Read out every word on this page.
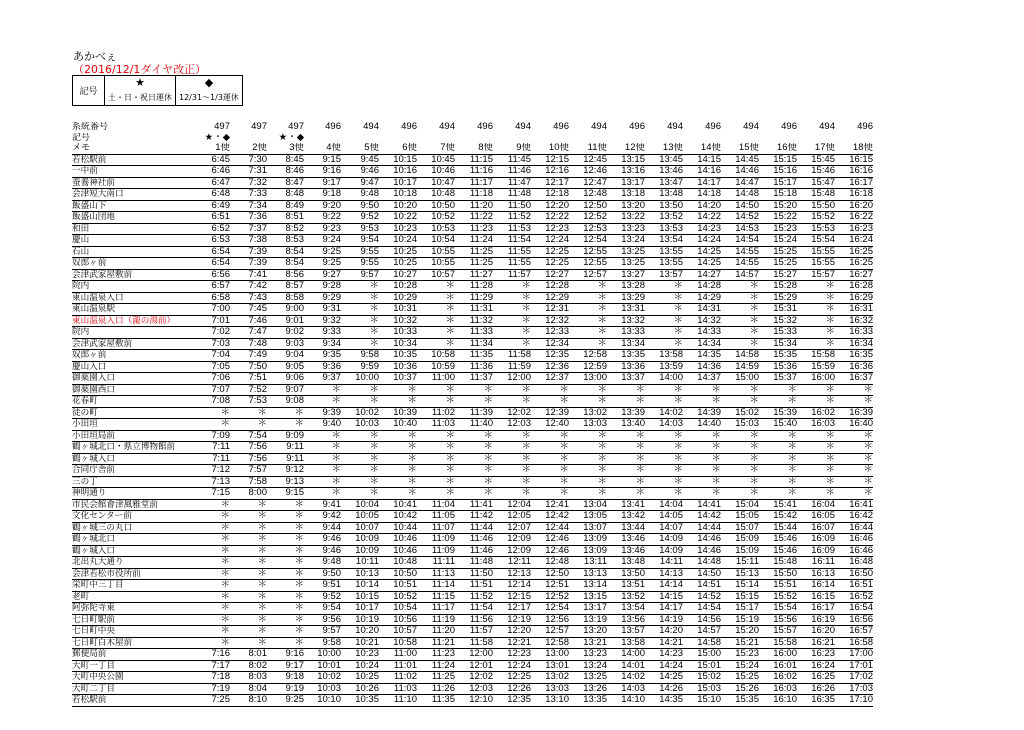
あかべぇ
（2016/12/1ダイヤ改正）
記号	★	◆
	土・日・祝日運休	12/31〜1/3運休
系統番号	497	497	497	496	494	496	494	496	494	496	494	496	494	496	494	496	494	496
記号	★・◆		★・◆															
メモ	1便	2便	3便	4便	5便	6便	7便	8便	9便	10便	11便	12便	13便	14便	15便	16便	17便	18便
若松駅前	6:45	7:30	8:45	9:15	9:45	10:15	10:45	11:15	11:45	12:15	12:45	13:15	13:45	14:15	14:45	15:15	15:45	16:15
一中前	6:46	7:31	8:46	9:16	9:46	10:16	10:46	11:16	11:46	12:16	12:46	13:16	13:46	14:16	14:46	15:16	15:46	16:16
蚕養神社前	6:47	7:32	8:47	9:17	9:47	10:17	10:47	11:17	11:47	12:17	12:47	13:17	13:47	14:17	14:47	15:17	15:47	16:17
会津短大南口	6:48	7:33	8:48	9:18	9:48	10:18	10:48	11:18	11:48	12:18	12:48	13:18	13:48	14:18	14:48	15:18	15:48	16:18
飯盛山下	6:49	7:34	8:49	9:20	9:50	10:20	10:50	11:20	11:50	12:20	12:50	13:20	13:50	14:20	14:50	15:20	15:50	16:20
飯盛山団地	6:51	7:36	8:51	9:22	9:52	10:22	10:52	11:22	11:52	12:22	12:52	13:22	13:52	14:22	14:52	15:22	15:52	16:22
和田	6:52	7:37	8:52	9:23	9:53	10:23	10:53	11:23	11:53	12:23	12:53	13:23	13:53	14:23	14:53	15:23	15:53	16:23
慶山	6:53	7:38	8:53	9:24	9:54	10:24	10:54	11:24	11:54	12:24	12:54	13:24	13:54	14:24	14:54	15:24	15:54	16:24
石山	6:54	7:39	8:54	9:25	9:55	10:25	10:55	11:25	11:55	12:25	12:55	13:25	13:55	14:25	14:55	15:25	15:55	16:25
奴郎ヶ前	6:54	7:39	8:54	9:25	9:55	10:25	10:55	11:25	11:55	12:25	12:55	13:25	13:55	14:25	14:55	15:25	15:55	16:25
会津武家屋敷前	6:56	7:41	8:56	9:27	9:57	10:27	10:57	11:27	11:57	12:27	12:57	13:27	13:57	14:27	14:57	15:27	15:57	16:27
院内	6:57	7:42	8:57	9:28	＊	10:28	＊	11:28	＊	12:28	＊	13:28	＊	14:28	＊	15:28	＊	16:28
東山温泉入口	6:58	7:43	8:58	9:29	＊	10:29	＊	11:29	＊	12:29	＊	13:29	＊	14:29	＊	15:29	＊	16:29
東山温泉駅	7:00	7:45	9:00	9:31	＊	10:31	＊	11:31	＊	12:31	＊	13:31	＊	14:31	＊	15:31	＊	16:31
東山温泉入口（瀧の湯前）	7:01	7:46	9:01	9:32	＊	10:32	＊	11:32	＊	12:32	＊	13:32	＊	14:32	＊	15:32	＊	16:32
院内	7:02	7:47	9:02	9:33	＊	10:33	＊	11:33	＊	12:33	＊	13:33	＊	14:33	＊	15:33	＊	16:33
会津武家屋敷前	7:03	7:48	9:03	9:34	＊	10:34	＊	11:34	＊	12:34	＊	13:34	＊	14:34	＊	15:34	＊	16:34
奴郎ヶ前	7:04	7:49	9:04	9:35	9:58	10:35	10:58	11:35	11:58	12:35	12:58	13:35	13:58	14:35	14:58	15:35	15:58	16:35
慶山入口	7:05	7:50	9:05	9:36	9:59	10:36	10:59	11:36	11:59	12:36	12:59	13:36	13:59	14:36	14:59	15:36	15:59	16:36
御薬園入口	7:06	7:51	9:06	9:37	10:00	10:37	11:00	11:37	12:00	12:37	13:00	13:37	14:00	14:37	15:00	15:37	16:00	16:37
御薬園西口	7:07	7:52	9:07	＊	＊	＊	＊	＊	＊	＊	＊	＊	＊	＊	＊	＊	＊	＊
花春町	7:08	7:53	9:08	＊	＊	＊	＊	＊	＊	＊	＊	＊	＊	＊	＊	＊	＊	＊
徒の町	＊	＊	＊	9:39	10:02	10:39	11:02	11:39	12:02	12:39	13:02	13:39	14:02	14:39	15:02	15:39	16:02	16:39
小田垣	＊	＊	＊	9:40	10:03	10:40	11:03	11:40	12:03	12:40	13:03	13:40	14:03	14:40	15:03	15:40	16:03	16:40
小田垣局前	7:09	7:54	9:09	＊	＊	＊	＊	＊	＊	＊	＊	＊	＊	＊	＊	＊	＊	＊
鶴ヶ城北口・県立博物館前	7:11	7:56	9:11	＊	＊	＊	＊	＊	＊	＊	＊	＊	＊	＊	＊	＊	＊	＊
鶴ヶ城入口	7:11	7:56	9:11	＊	＊	＊	＊	＊	＊	＊	＊	＊	＊	＊	＊	＊	＊	＊
合同庁舎前	7:12	7:57	9:12	＊	＊	＊	＊	＊	＊	＊	＊	＊	＊	＊	＊	＊	＊	＊
三の丁	7:13	7:58	9:13	＊	＊	＊	＊	＊	＊	＊	＊	＊	＊	＊	＊	＊	＊	＊
神明通り	7:15	8:00	9:15	＊	＊	＊	＊	＊	＊	＊	＊	＊	＊	＊	＊	＊	＊	＊
市民会館會津風雅堂前	＊	＊	＊	9:41	10:04	10:41	11:04	11:41	12:04	12:41	13:04	13:41	14:04	14:41	15:04	15:41	16:04	16:41
文化センター前	＊	＊	＊	9:42	10:05	10:42	11:05	11:42	12:05	12:42	13:05	13:42	14:05	14:42	15:05	15:42	16:05	16:42
鶴ヶ城三の丸口	＊	＊	＊	9:44	10:07	10:44	11:07	11:44	12:07	12:44	13:07	13:44	14:07	14:44	15:07	15:44	16:07	16:44
鶴ヶ城北口	＊	＊	＊	9:46	10:09	10:46	11:09	11:46	12:09	12:46	13:09	13:46	14:09	14:46	15:09	15:46	16:09	16:46
鶴ヶ城入口	＊	＊	＊	9:46	10:09	10:46	11:09	11:46	12:09	12:46	13:09	13:46	14:09	14:46	15:09	15:46	16:09	16:46
北出丸大通り	＊	＊	＊	9:48	10:11	10:48	11:11	11:48	12:11	12:48	13:11	13:48	14:11	14:48	15:11	15:48	16:11	16:48
会津若松市役所前	＊	＊	＊	9:50	10:13	10:50	11:13	11:50	12:13	12:50	13:13	13:50	14:13	14:50	15:13	15:50	16:13	16:50
栄町中三丁目	＊	＊	＊	9:51	10:14	10:51	11:14	11:51	12:14	12:51	13:14	13:51	14:14	14:51	15:14	15:51	16:14	16:51
老町	＊	＊	＊	9:52	10:15	10:52	11:15	11:52	12:15	12:52	13:15	13:52	14:15	14:52	15:15	15:52	16:15	16:52
阿弥陀寺東	＊	＊	＊	9:54	10:17	10:54	11:17	11:54	12:17	12:54	13:17	13:54	14:17	14:54	15:17	15:54	16:17	16:54
七日町駅前	＊	＊	＊	9:56	10:19	10:56	11:19	11:56	12:19	12:56	13:19	13:56	14:19	14:56	15:19	15:56	16:19	16:56
七日町中央	＊	＊	＊	9:57	10:20	10:57	11:20	11:57	12:20	12:57	13:20	13:57	14:20	14:57	15:20	15:57	16:20	16:57
七日町白木屋前	＊	＊	＊	9:58	10:21	10:58	11:21	11:58	12:21	12:58	13:21	13:58	14:21	14:58	15:21	15:58	16:21	16:58
郵便局前	7:16	8:01	9:16	10:00	10:23	11:00	11:23	12:00	12:23	13:00	13:23	14:00	14:23	15:00	15:23	16:00	16:23	17:00
大町一丁目	7:17	8:02	9:17	10:01	10:24	11:01	11:24	12:01	12:24	13:01	13:24	14:01	14:24	15:01	15:24	16:01	16:24	17:01
大町中央公園	7:18	8:03	9:18	10:02	10:25	11:02	11:25	12:02	12:25	13:02	13:25	14:02	14:25	15:02	15:25	16:02	16:25	17:02
大町二丁目	7:19	8:04	9:19	10:03	10:26	11:03	11:26	12:03	12:26	13:03	13:26	14:03	14:26	15:03	15:26	16:03	16:26	17:03
若松駅前	7:25	8:10	9:25	10:10	10:35	11:10	11:35	12:10	12:35	13:10	13:35	14:10	14:35	15:10	15:35	16:10	16:35	17:10
